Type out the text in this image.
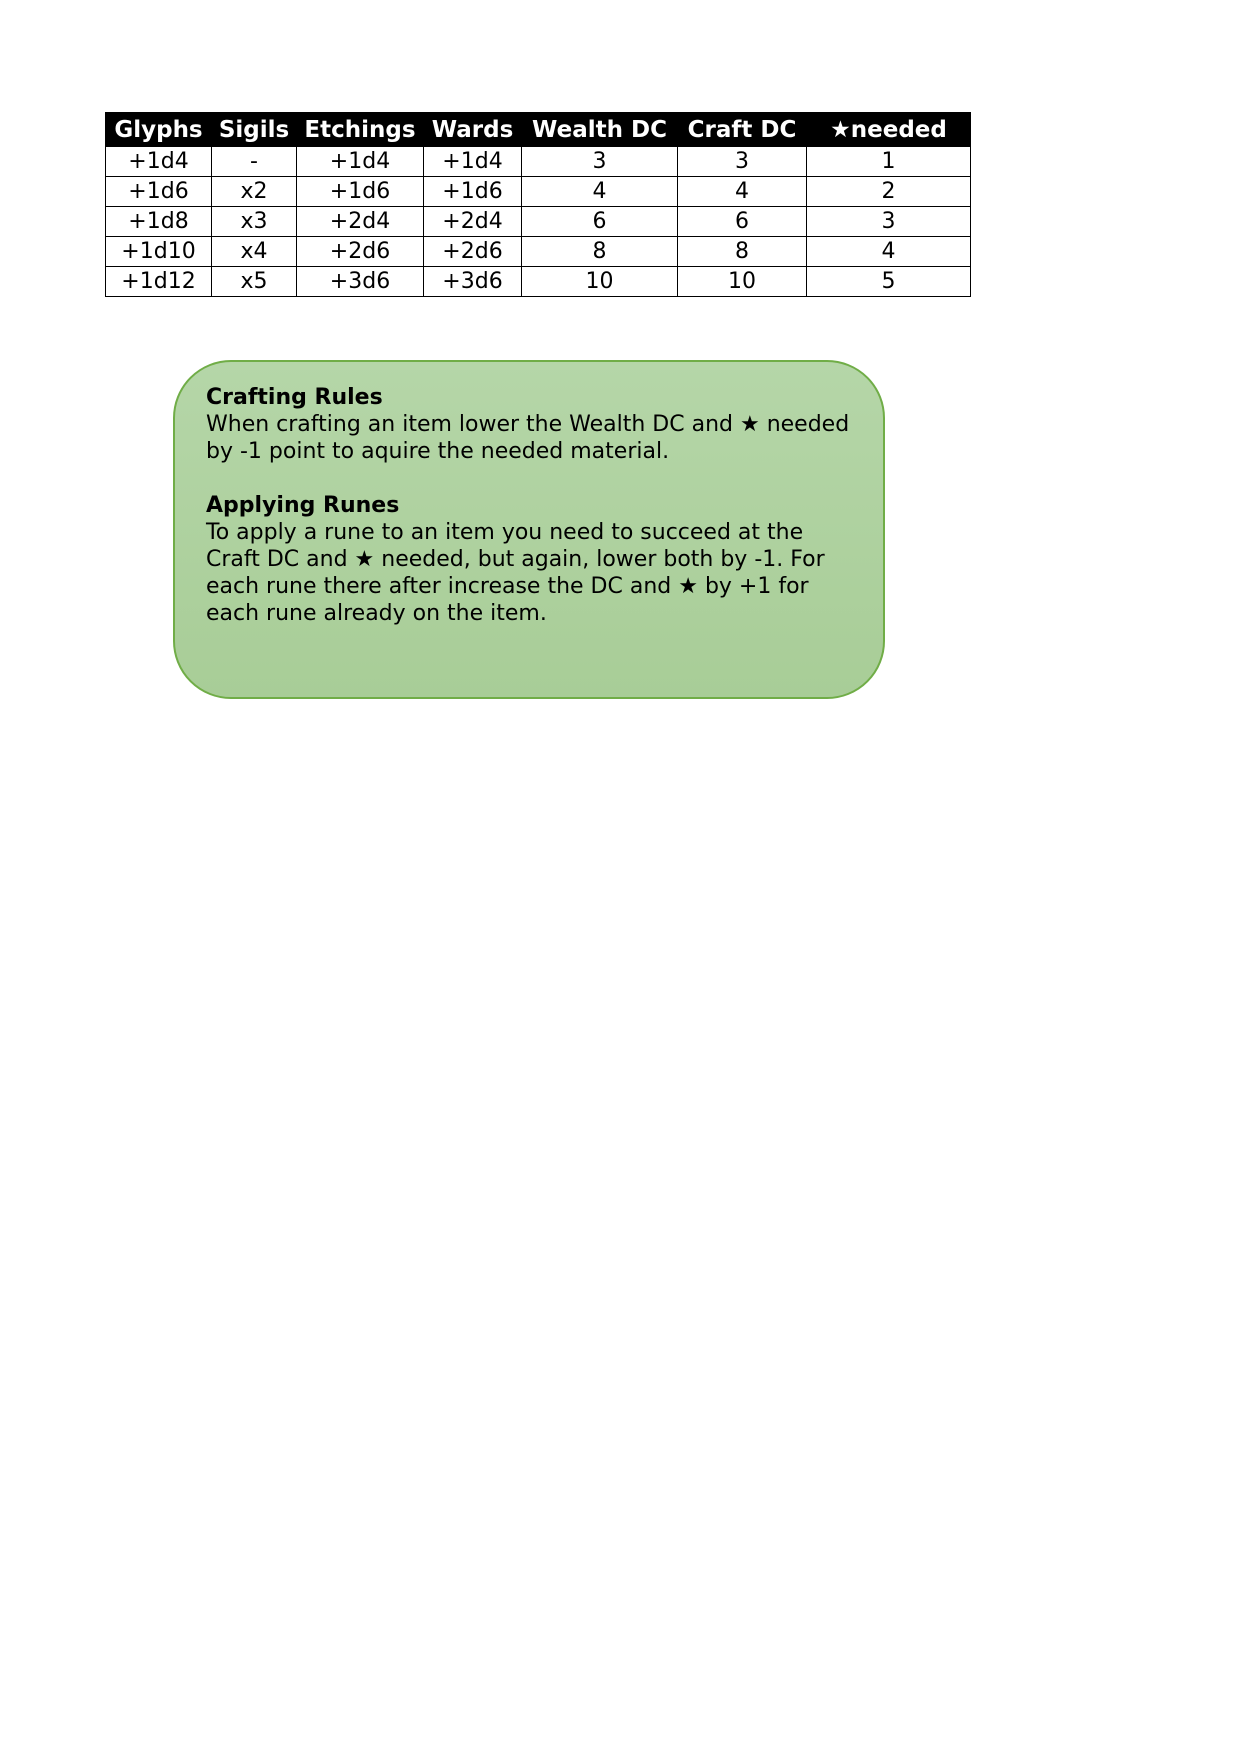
Glyphs	Sigils	Etchings	Wards	Wealth DC	Craft DC	★needed
+1d4	-	+1d4	+1d4	3	3	1
+1d6	x2	+1d6	+1d6	4	4	2
+1d8	x3	+2d4	+2d4	6	6	3
+1d10	x4	+2d6	+2d6	8	8	4
+1d12	x5	+3d6	+3d6	10	10	5
Crafting Rules

When crafting an item lower the Wealth DC and ★ needed by -1 point to aquire the needed material.

Applying Runes

To apply a rune to an item you need to succeed at the Craft DC and ★ needed, but again, lower both by -1. For each rune there after increase the DC and ★ by +1 for each rune already on the item.
